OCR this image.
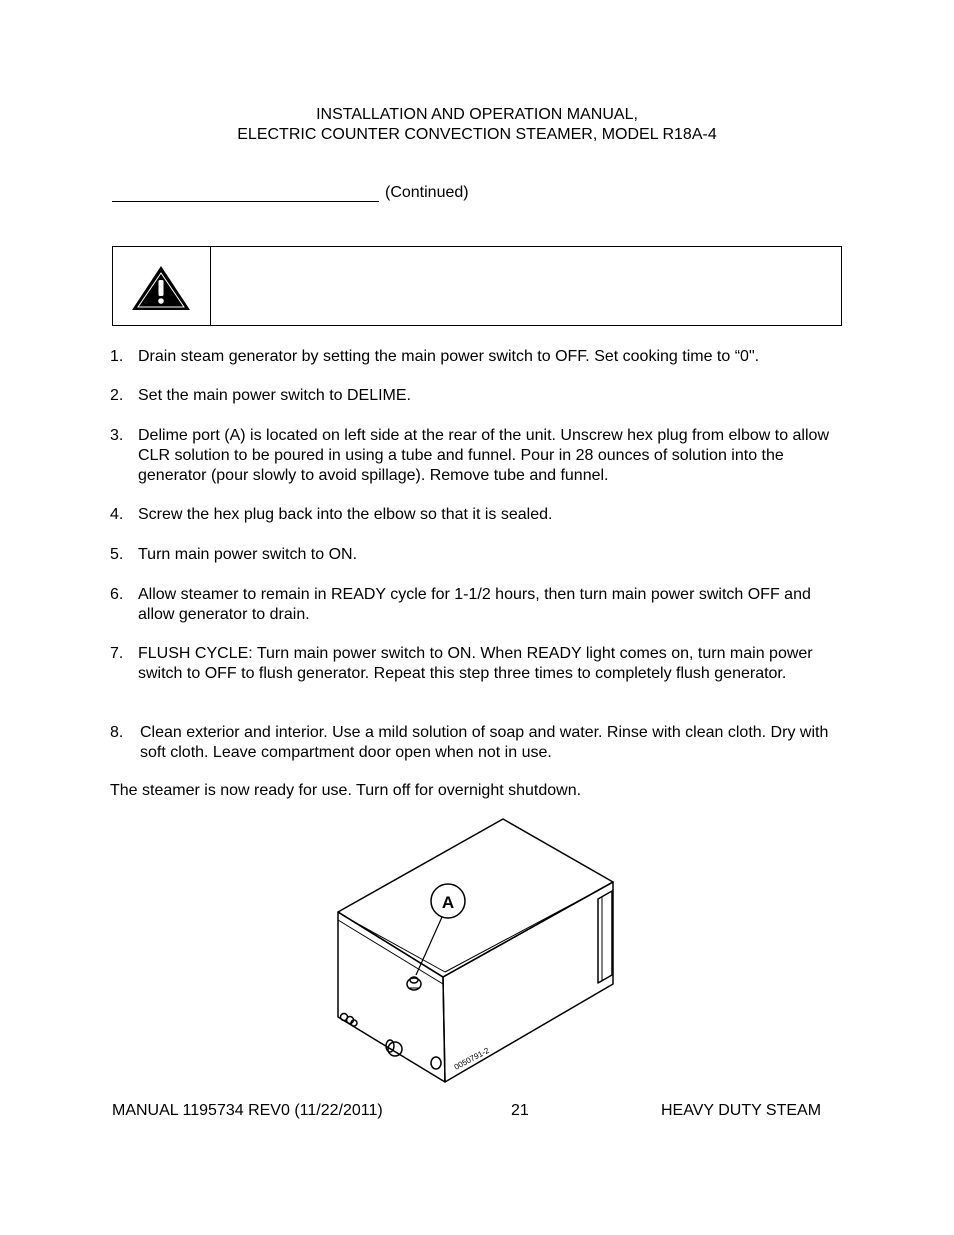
INSTALLATION AND OPERATION MANUAL,
ELECTRIC COUNTER CONVECTION STEAMER, MODEL R18A-4
(Continued)
1. Drain steam generator by setting the main power switch to OFF. Set cooking time to “0".
2. Set the main power switch to DELIME.
3. Delime port (A) is located on left side at the rear of the unit. Unscrew hex plug from elbow to allow CLR solution to be poured in using a tube and funnel. Pour in 28 ounces of solution into the generator (pour slowly to avoid spillage). Remove tube and funnel.
4. Screw the hex plug back into the elbow so that it is sealed.
5. Turn main power switch to ON.
6. Allow steamer to remain in READY cycle for 1-1/2 hours, then turn main power switch OFF and allow generator to drain.
7. FLUSH CYCLE: Turn main power switch to ON. When READY light comes on, turn main power switch to OFF to flush generator. Repeat this step three times to completely flush generator.
8. Clean exterior and interior. Use a mild solution of soap and water. Rinse with clean cloth. Dry with soft cloth. Leave compartment door open when not in use.
The steamer is now ready for use. Turn off for overnight shutdown.
A
0050791-2
MANUAL 1195734 REV0 (11/22/2011)	21	HEAVY DUTY STEAM
